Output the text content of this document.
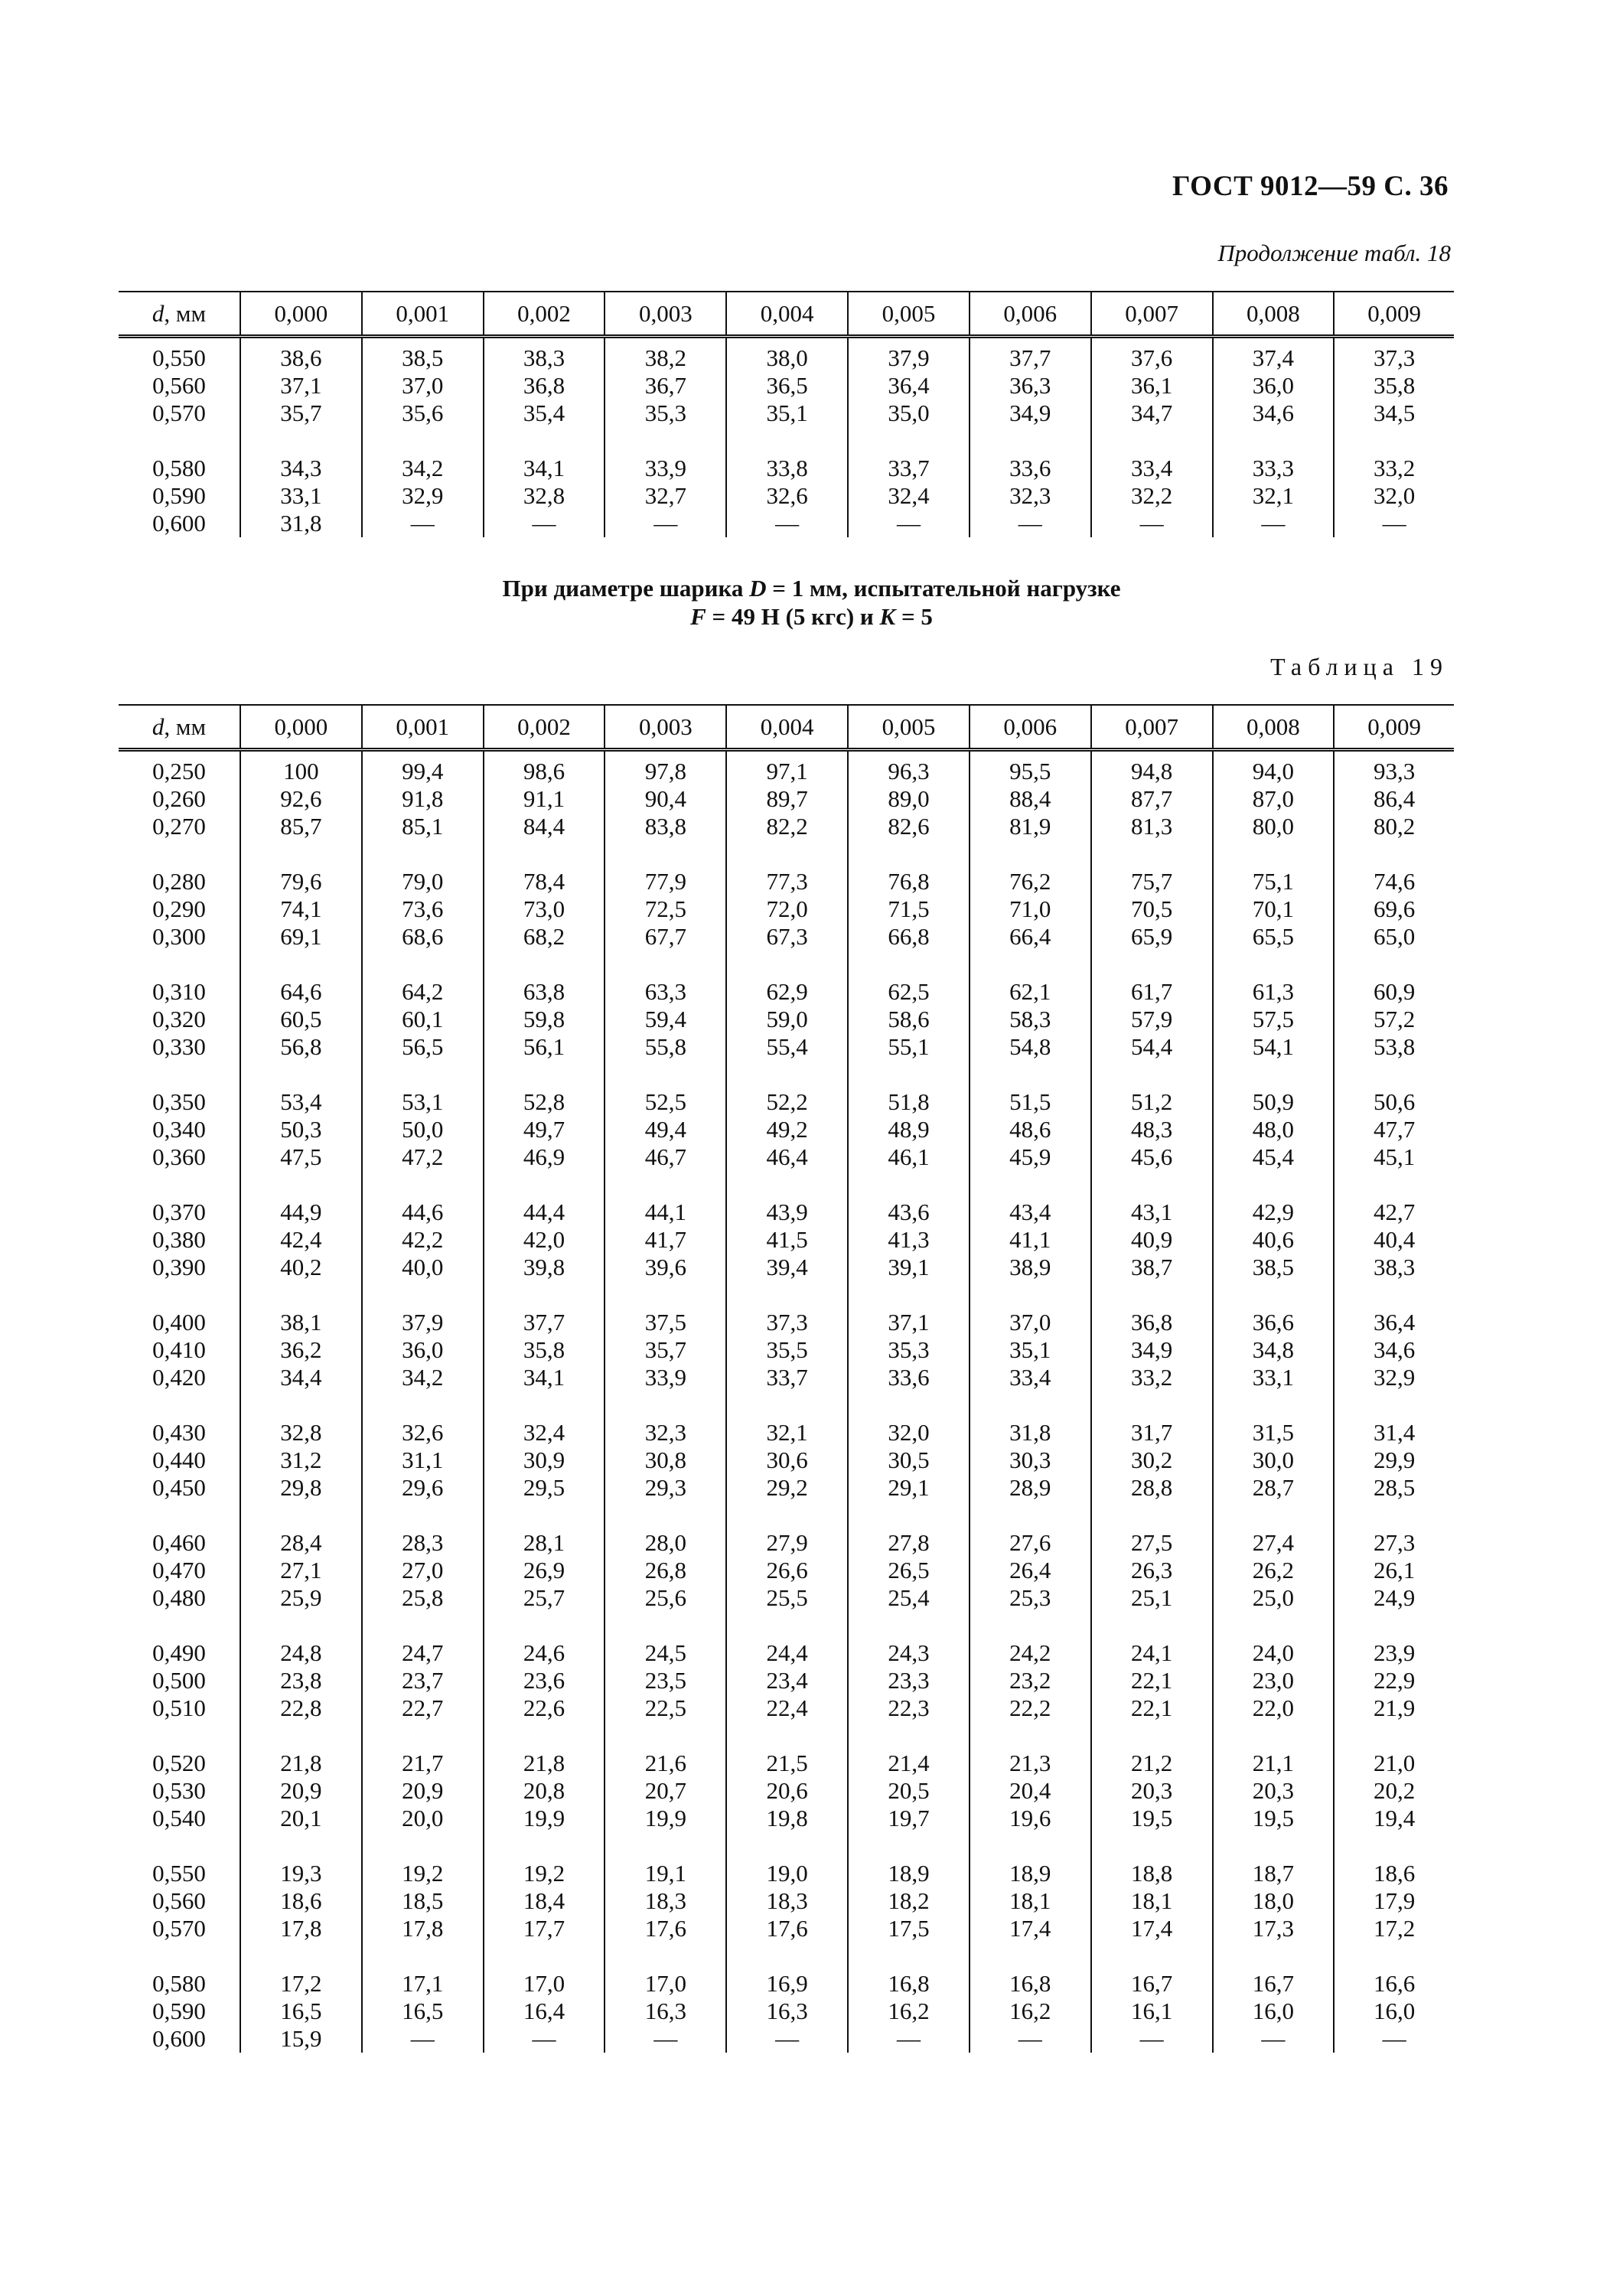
ГОСТ 9012—59 С. 36
Продолжение табл. 18
d, мм	0,000	0,001	0,002	0,003	0,004	0,005	0,006	0,007	0,008	0,009
0,550	38,6	38,5	38,3	38,2	38,0	37,9	37,7	37,6	37,4	37,3
0,560	37,1	37,0	36,8	36,7	36,5	36,4	36,3	36,1	36,0	35,8
0,570	35,7	35,6	35,4	35,3	35,1	35,0	34,9	34,7	34,6	34,5

0,580	34,3	34,2	34,1	33,9	33,8	33,7	33,6	33,4	33,3	33,2
0,590	33,1	32,9	32,8	32,7	32,6	32,4	32,3	32,2	32,1	32,0
0,600	31,8	—	—	—	—	—	—	—	—	—
При диаметре шарика D = 1 мм, испытательной нагрузке
F = 49 Н (5 кгс) и K = 5
Таблица 19
d, мм	0,000	0,001	0,002	0,003	0,004	0,005	0,006	0,007	0,008	0,009
0,250	100	99,4	98,6	97,8	97,1	96,3	95,5	94,8	94,0	93,3
0,260	92,6	91,8	91,1	90,4	89,7	89,0	88,4	87,7	87,0	86,4
0,270	85,7	85,1	84,4	83,8	82,2	82,6	81,9	81,3	80,0	80,2

0,280	79,6	79,0	78,4	77,9	77,3	76,8	76,2	75,7	75,1	74,6
0,290	74,1	73,6	73,0	72,5	72,0	71,5	71,0	70,5	70,1	69,6
0,300	69,1	68,6	68,2	67,7	67,3	66,8	66,4	65,9	65,5	65,0

0,310	64,6	64,2	63,8	63,3	62,9	62,5	62,1	61,7	61,3	60,9
0,320	60,5	60,1	59,8	59,4	59,0	58,6	58,3	57,9	57,5	57,2
0,330	56,8	56,5	56,1	55,8	55,4	55,1	54,8	54,4	54,1	53,8

0,350	53,4	53,1	52,8	52,5	52,2	51,8	51,5	51,2	50,9	50,6
0,340	50,3	50,0	49,7	49,4	49,2	48,9	48,6	48,3	48,0	47,7
0,360	47,5	47,2	46,9	46,7	46,4	46,1	45,9	45,6	45,4	45,1

0,370	44,9	44,6	44,4	44,1	43,9	43,6	43,4	43,1	42,9	42,7
0,380	42,4	42,2	42,0	41,7	41,5	41,3	41,1	40,9	40,6	40,4
0,390	40,2	40,0	39,8	39,6	39,4	39,1	38,9	38,7	38,5	38,3

0,400	38,1	37,9	37,7	37,5	37,3	37,1	37,0	36,8	36,6	36,4
0,410	36,2	36,0	35,8	35,7	35,5	35,3	35,1	34,9	34,8	34,6
0,420	34,4	34,2	34,1	33,9	33,7	33,6	33,4	33,2	33,1	32,9

0,430	32,8	32,6	32,4	32,3	32,1	32,0	31,8	31,7	31,5	31,4
0,440	31,2	31,1	30,9	30,8	30,6	30,5	30,3	30,2	30,0	29,9
0,450	29,8	29,6	29,5	29,3	29,2	29,1	28,9	28,8	28,7	28,5

0,460	28,4	28,3	28,1	28,0	27,9	27,8	27,6	27,5	27,4	27,3
0,470	27,1	27,0	26,9	26,8	26,6	26,5	26,4	26,3	26,2	26,1
0,480	25,9	25,8	25,7	25,6	25,5	25,4	25,3	25,1	25,0	24,9

0,490	24,8	24,7	24,6	24,5	24,4	24,3	24,2	24,1	24,0	23,9
0,500	23,8	23,7	23,6	23,5	23,4	23,3	23,2	22,1	23,0	22,9
0,510	22,8	22,7	22,6	22,5	22,4	22,3	22,2	22,1	22,0	21,9

0,520	21,8	21,7	21,8	21,6	21,5	21,4	21,3	21,2	21,1	21,0
0,530	20,9	20,9	20,8	20,7	20,6	20,5	20,4	20,3	20,3	20,2
0,540	20,1	20,0	19,9	19,9	19,8	19,7	19,6	19,5	19,5	19,4

0,550	19,3	19,2	19,2	19,1	19,0	18,9	18,9	18,8	18,7	18,6
0,560	18,6	18,5	18,4	18,3	18,3	18,2	18,1	18,1	18,0	17,9
0,570	17,8	17,8	17,7	17,6	17,6	17,5	17,4	17,4	17,3	17,2

0,580	17,2	17,1	17,0	17,0	16,9	16,8	16,8	16,7	16,7	16,6
0,590	16,5	16,5	16,4	16,3	16,3	16,2	16,2	16,1	16,0	16,0
0,600	15,9	—	—	—	—	—	—	—	—	—
